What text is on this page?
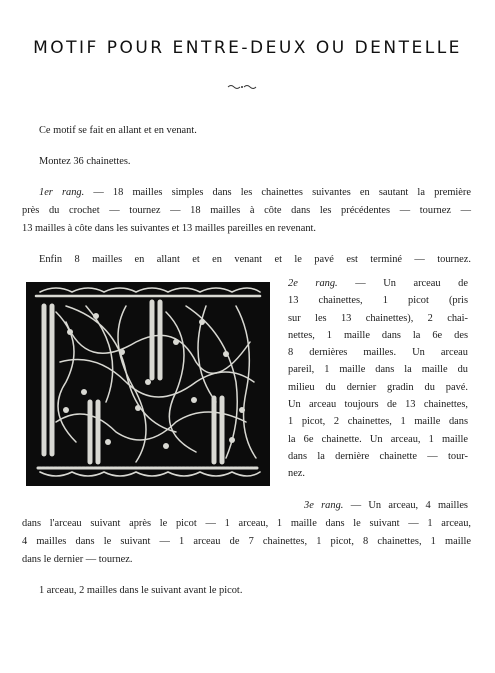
MOTIF POUR ENTRE-DEUX OU DENTELLE

Ce motif se fait en allant et en venant.

Montez 36 chainettes.

1er rang. — 18 mailles simples dans les chainettes suivantes en sautant la première

près du crochet — tournez — 18 mailles à côte dans les précédentes — tournez —

13 mailles à côte dans les suivantes et 13 mailles pareilles en revenant.

Enfin 8 mailles en allant et en venant et le pavé est terminé — tournez.

2e rang. — Un arceau de
13 chainettes, 1 picot (pris
sur les 13 chainettes), 2 chai-
nettes, 1 maille dans la 6e des
8 dernières mailles. Un arceau
pareil, 1 maille dans la maille du
milieu du dernier gradin du pavé.
Un arceau toujours de 13 chainettes,
1 picot, 2 chainettes, 1 maille dans
la 6e chainette. Un arceau, 1 maille
dans la dernière chainette — tour-
nez.

3e rang. — Un arceau, 4 mailles

dans l'arceau suivant après le picot — 1 arceau, 1 maille dans le suivant — 1 arceau,

4 mailles dans le suivant — 1 arceau de 7 chainettes, 1 picot, 8 chainettes, 1 maille

dans le dernier — tournez.

1 arceau, 2 mailles dans le suivant avant le picot.
